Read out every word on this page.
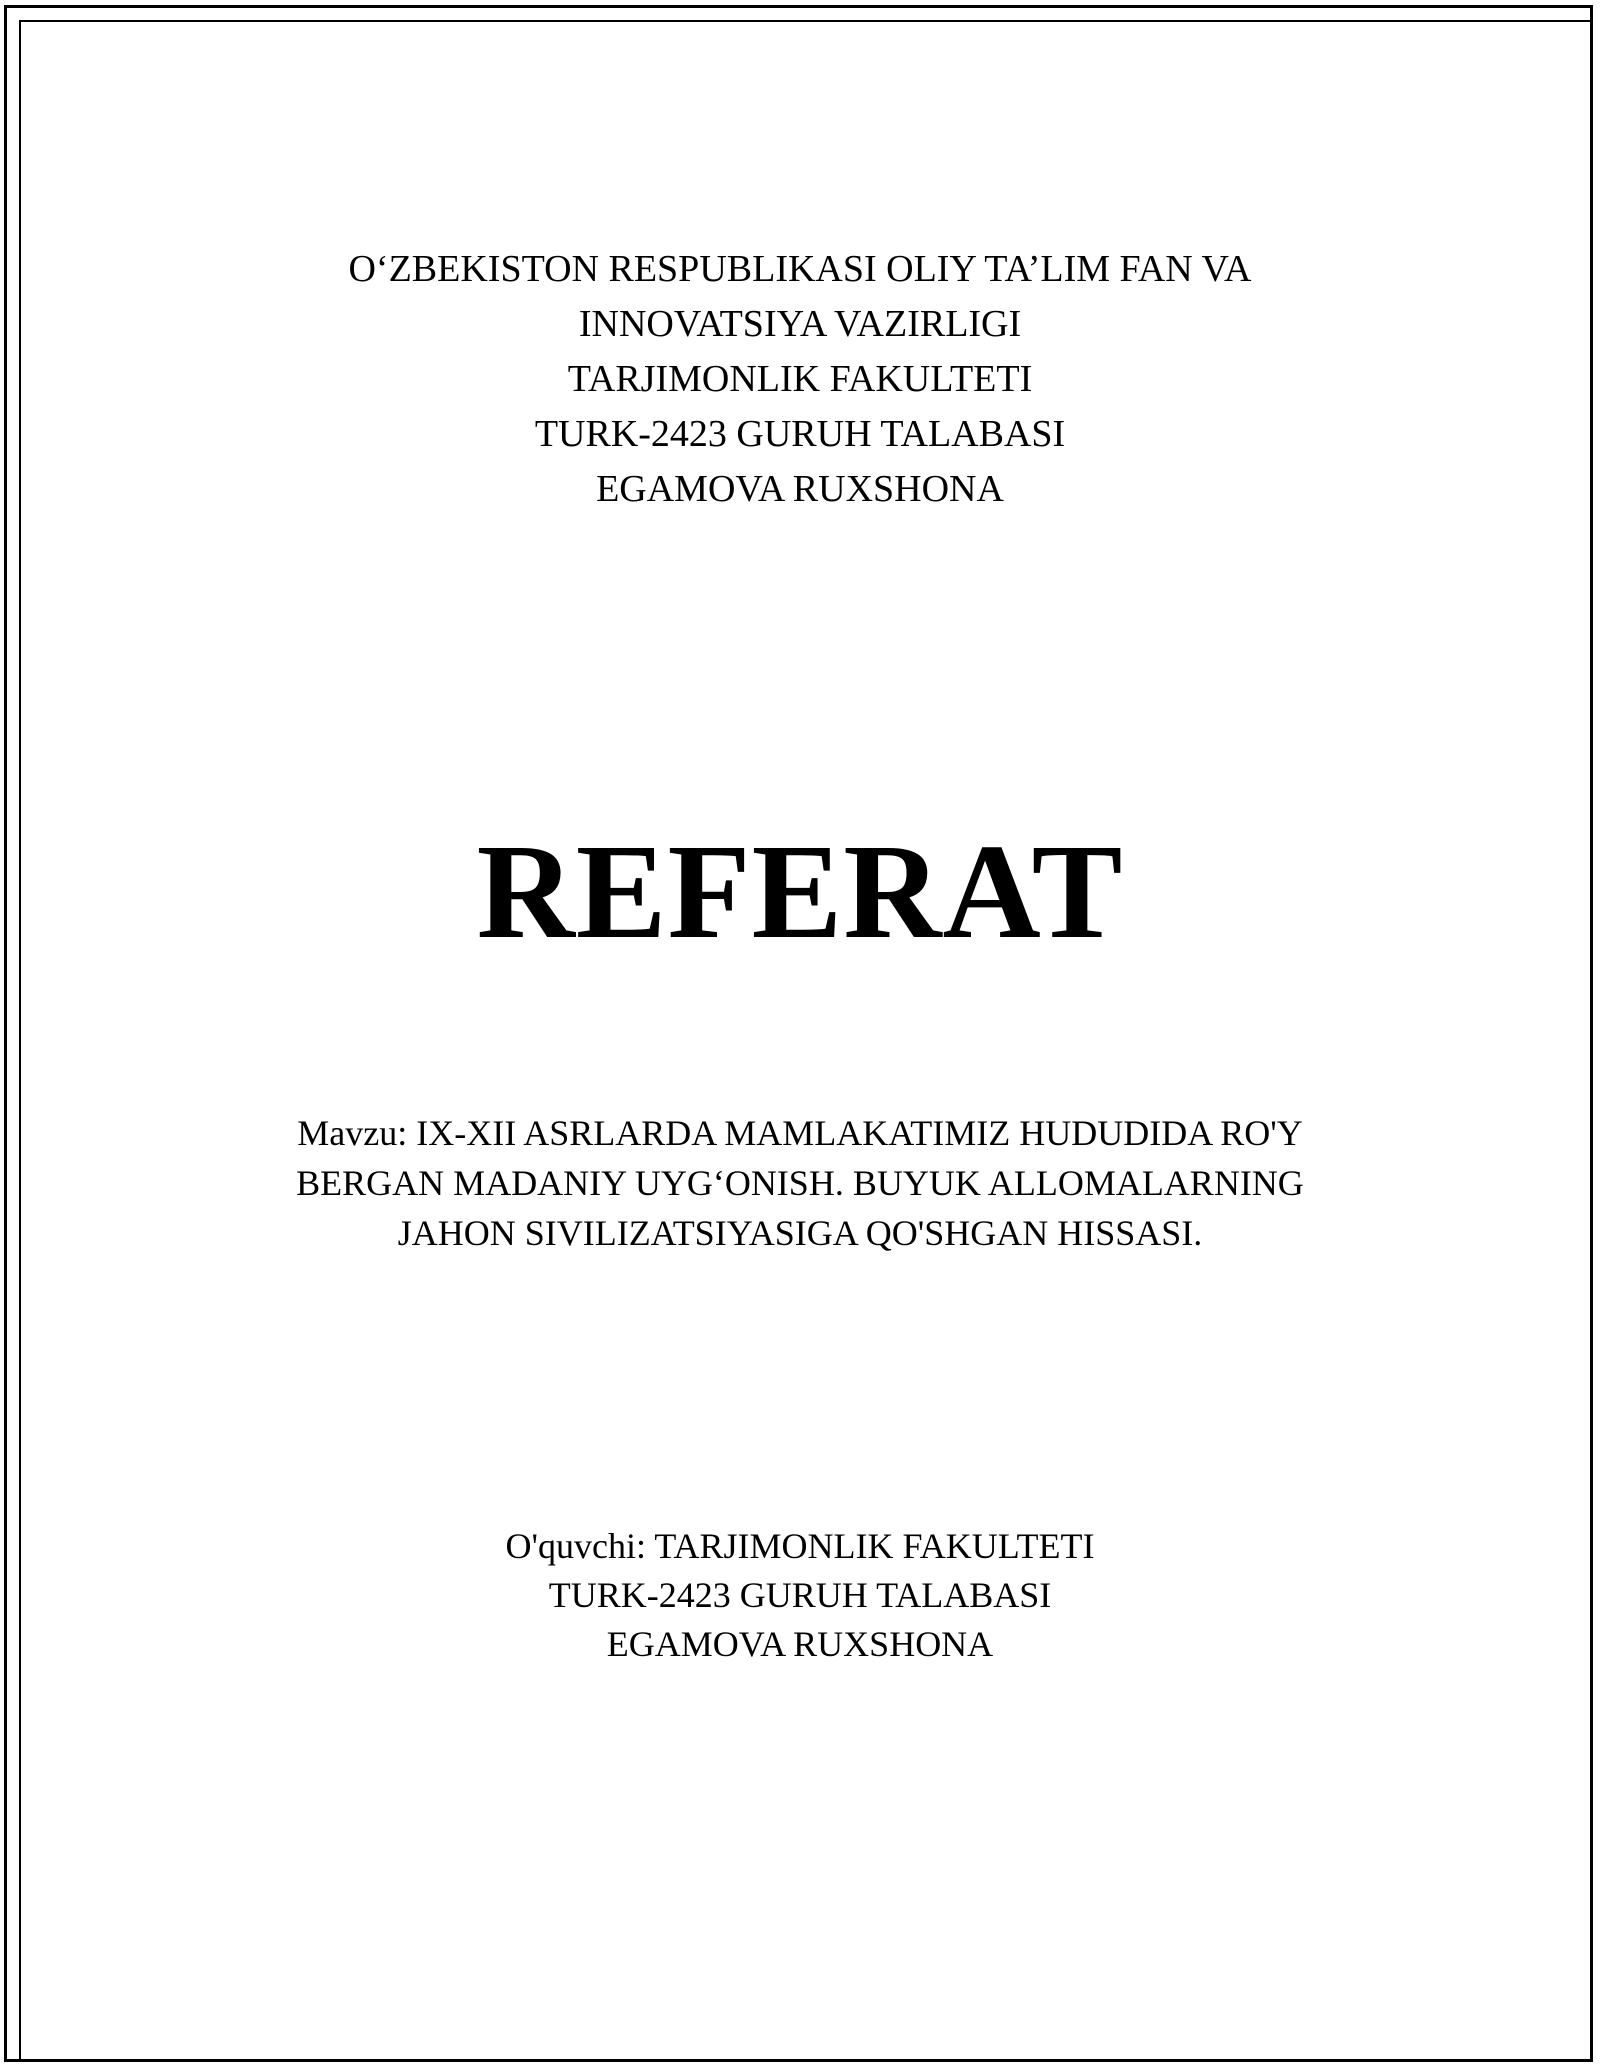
O‘ZBEKISTON RESPUBLIKASI OLIY TA’LIM FAN VA
INNOVATSIYA VAZIRLIGI
TARJIMONLIK FAKULTETI
TURK-2423 GURUH TALABASI
EGAMOVA RUXSHONA
REFERAT
Mavzu: IX-XII ASRLARDA MAMLAKATIMIZ HUDUDIDA RO'Y
BERGAN MADANIY UYG‘ONISH. BUYUK ALLOMALARNING
JAHON SIVILIZATSIYASIGA QO'SHGAN HISSASI.
O'quvchi: TARJIMONLIK FAKULTETI
TURK-2423 GURUH TALABASI
EGAMOVA RUXSHONA
